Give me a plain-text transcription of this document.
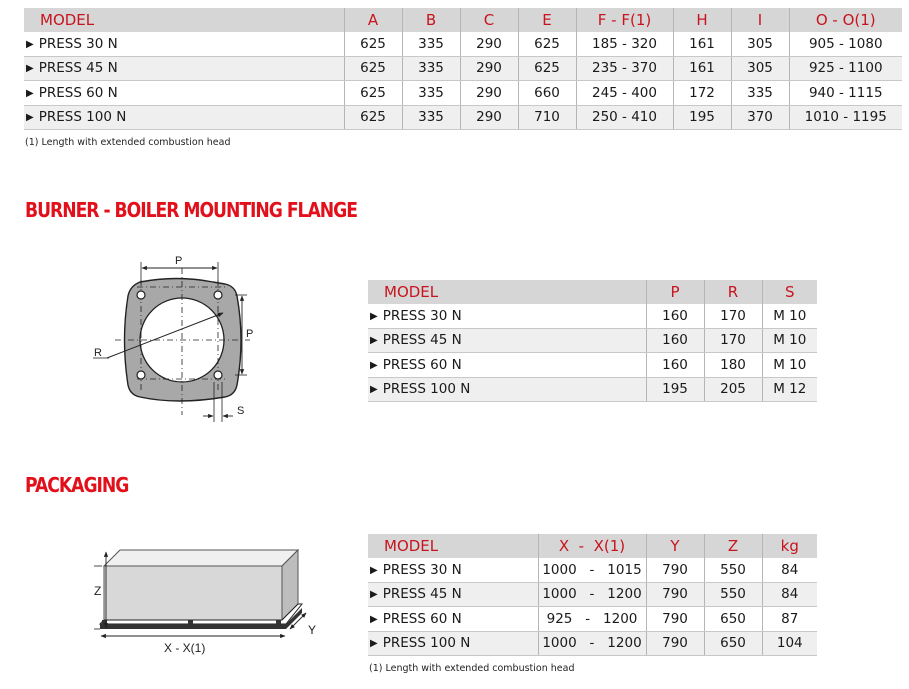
MODEL	A	B	C	E	F - F(1)	H	I	O - O(1)
▶ PRESS 30 N	625	335	290	625	185 - 320	161	305	905 - 1080
▶ PRESS 45 N	625	335	290	625	235 - 370	161	305	925 - 1100
▶ PRESS 60 N	625	335	290	660	245 - 400	172	335	940 - 1115
▶ PRESS 100 N	625	335	290	710	250 - 410	195	370	1010 - 1195
(1) Length with extended combustion head
BURNER - BOILER MOUNTING FLANGE
P
P
R
S
MODEL	P	R	S
▶ PRESS 30 N	160	170	M 10
▶ PRESS 45 N	160	170	M 10
▶ PRESS 60 N	160	180	M 10
▶ PRESS 100 N	195	205	M 12
PACKAGING
Z
X - X(1)
Y
MODEL	X  -  X(1)	Y	Z	kg
▶ PRESS 30 N	1000   -   1015	790	550	84
▶ PRESS 45 N	1000   -   1200	790	550	84
▶ PRESS 60 N	925   -   1200	790	650	87
▶ PRESS 100 N	1000   -   1200	790	650	104
(1) Length with extended combustion head
